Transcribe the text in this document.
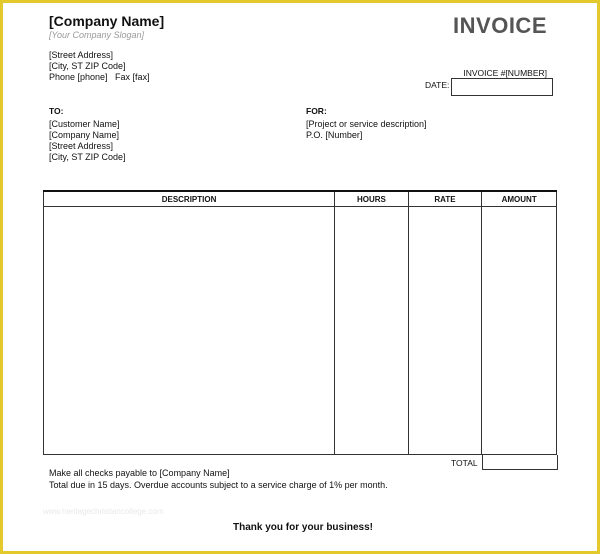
[Company Name]
[Your Company Slogan]
[Street Address]
[City, ST ZIP Code]
Phone [phone]   Fax [fax]
INVOICE
INVOICE #[NUMBER]
DATE:
TO:
[Customer Name]
[Company Name]
[Street Address]
[City, ST ZIP Code]
FOR:
[Project or service description]
P.O. [Number]
DESCRIPTION	HOURS	RATE	AMOUNT

TOTAL
Make all checks payable to [Company Name]
Total due in 15 days. Overdue accounts subject to a service charge of 1% per month.
www.heritagechristiancollege.com
Thank you for your business!
